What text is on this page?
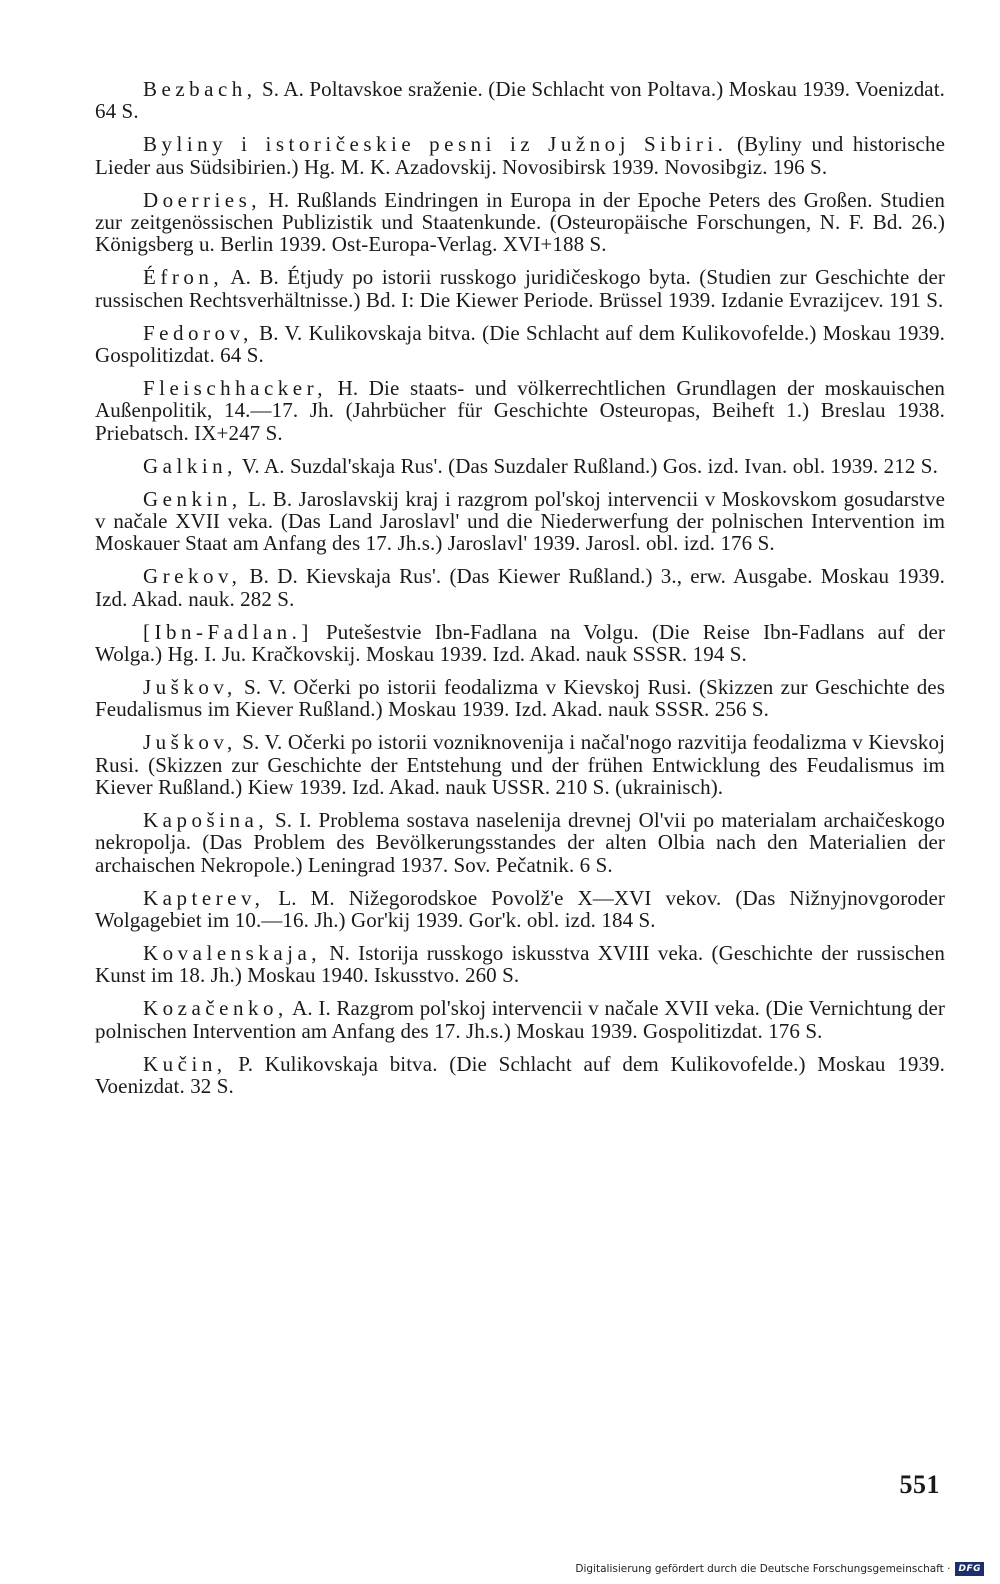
Bezbach, S. A. Poltavskoe sraženie. (Die Schlacht von Poltava.) Moskau 1939. Voenizdat. 64 S.

Byliny i istoričeskie pesni iz Južnoj Sibiri. (Byliny und historische Lieder aus Südsibirien.) Hg. M. K. Azadovskij. Novosibirsk 1939. Novosibgiz. 196 S.

Doerries, H. Rußlands Eindringen in Europa in der Epoche Peters des Großen. Studien zur zeitgenössischen Publizistik und Staatenkunde. (Osteuropäische Forschungen, N. F. Bd. 26.) Königsberg u. Berlin 1939. Ost-Europa-Verlag. XVI+188 S.

Éfron, A. B. Étjudy po istorii russkogo juridičeskogo byta. (Studien zur Geschichte der russischen Rechtsverhältnisse.) Bd. I: Die Kiewer Periode. Brüssel 1939. Izdanie Evrazijcev. 191 S.

Fedorov, B. V. Kulikovskaja bitva. (Die Schlacht auf dem Kulikovofelde.) Moskau 1939. Gospolitizdat. 64 S.

Fleischhacker, H. Die staats- und völkerrechtlichen Grundlagen der moskauischen Außenpolitik, 14.—17. Jh. (Jahrbücher für Geschichte Osteuropas, Beiheft 1.) Breslau 1938. Priebatsch. IX+247 S.

Galkin, V. A. Suzdal'skaja Rus'. (Das Suzdaler Rußland.) Gos. izd. Ivan. obl. 1939. 212 S.

Genkin, L. B. Jaroslavskij kraj i razgrom pol'skoj intervencii v Moskovskom gosudarstve v načale XVII veka. (Das Land Jaroslavl' und die Niederwerfung der polnischen Intervention im Moskauer Staat am Anfang des 17. Jh.s.) Jaroslavl' 1939. Jarosl. obl. izd. 176 S.

Grekov, B. D. Kievskaja Rus'. (Das Kiewer Rußland.) 3., erw. Ausgabe. Moskau 1939. Izd. Akad. nauk. 282 S.

[Ibn-Fadlan.] Putešestvie Ibn-Fadlana na Volgu. (Die Reise Ibn-Fadlans auf der Wolga.) Hg. I. Ju. Kračkovskij. Moskau 1939. Izd. Akad. nauk SSSR. 194 S.

Juškov, S. V. Očerki po istorii feodalizma v Kievskoj Rusi. (Skizzen zur Geschichte des Feudalismus im Kiever Rußland.) Moskau 1939. Izd. Akad. nauk SSSR. 256 S.

Juškov, S. V. Očerki po istorii vozniknovenija i načal'nogo razvitija feodalizma v Kievskoj Rusi. (Skizzen zur Geschichte der Entstehung und der frühen Entwicklung des Feudalismus im Kiever Rußland.) Kiew 1939. Izd. Akad. nauk USSR. 210 S. (ukrainisch).

Kapošina, S. I. Problema sostava naselenija drevnej Ol'vii po materialam archaičeskogo nekropolja. (Das Problem des Bevölkerungsstandes der alten Olbia nach den Materialien der archaischen Nekropole.) Leningrad 1937. Sov. Pečatnik. 6 S.

Kapterev, L. M. Nižegorodskoe Povolž'e X—XVI vekov. (Das Nižnyjnovgoroder Wolgagebiet im 10.—16. Jh.) Gor'kij 1939. Gor'k. obl. izd. 184 S.

Kovalenskaja, N. Istorija russkogo iskusstva XVIII veka. (Geschichte der russischen Kunst im 18. Jh.) Moskau 1940. Iskusstvo. 260 S.

Kozačenko, A. I. Razgrom pol'skoj intervencii v načale XVII veka. (Die Vernichtung der polnischen Intervention am Anfang des 17. Jh.s.) Moskau 1939. Gospolitizdat. 176 S.

Kučin, P. Kulikovskaja bitva. (Die Schlacht auf dem Kulikovofelde.) Moskau 1939. Voenizdat. 32 S.

551
Digitalisierung gefördert durch die Deutsche Forschungsgemeinschaft · DFG
